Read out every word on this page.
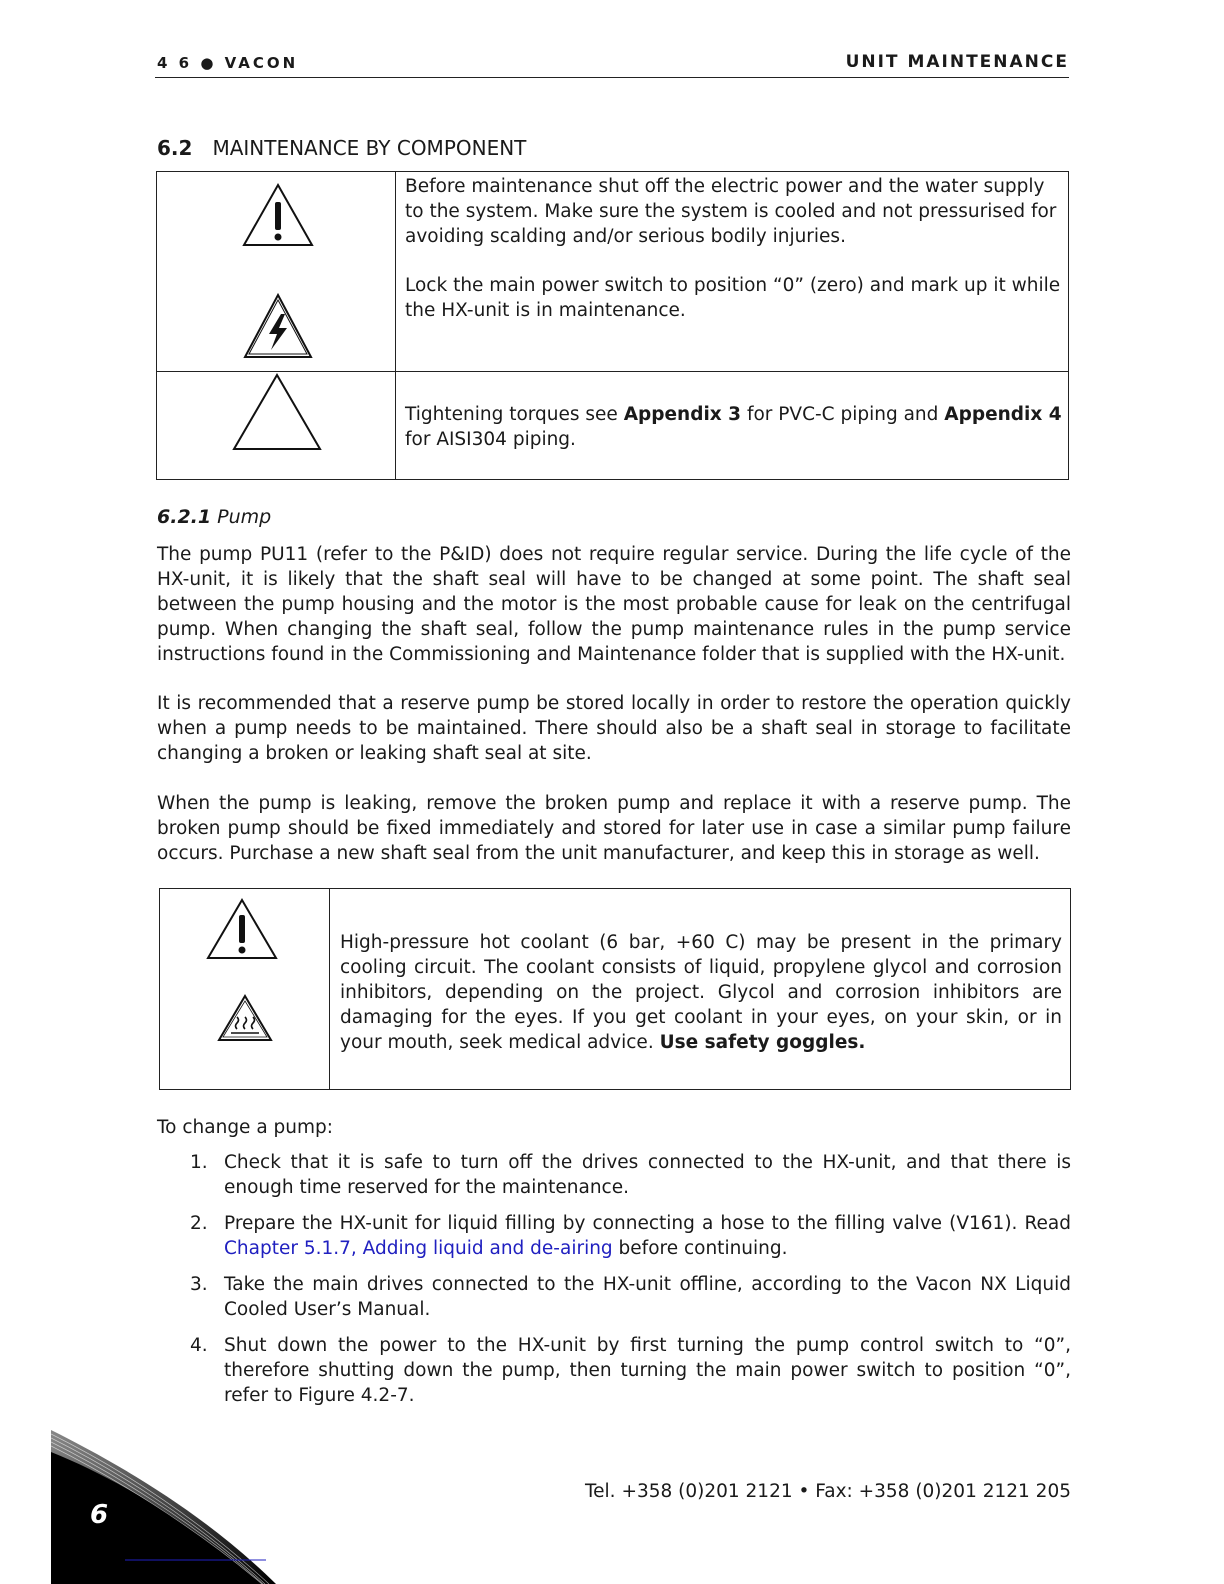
4 6 ● VACON	UNIT MAINTENANCE
6.2 MAINTENANCE BY COMPONENT

Before maintenance shut off the electric power and the water supply to the system. Make sure the system is cooled and not pressurised for avoiding scalding and/or serious bodily injuries.

Lock the main power switch to position “0” (zero) and mark up it while the HX-unit is in maintenance.

Tightening torques see Appendix 3 for PVC-C piping and Appendix 4 for AISI304 piping.

6.2.1 Pump

The pump PU11 (refer to the P&ID) does not require regular service. During the life cycle of the HX-unit, it is likely that the shaft seal will have to be changed at some point. The shaft seal between the pump housing and the motor is the most probable cause for leak on the centrifugal pump. When changing the shaft seal, follow the pump maintenance rules in the pump service instructions found in the Commissioning and Maintenance folder that is supplied with the HX-unit.

It is recommended that a reserve pump be stored locally in order to restore the operation quickly when a pump needs to be maintained. There should also be a shaft seal in storage to facilitate changing a broken or leaking shaft seal at site.

When the pump is leaking, remove the broken pump and replace it with a reserve pump. The broken pump should be fixed immediately and stored for later use in case a similar pump failure occurs. Purchase a new shaft seal from the unit manufacturer, and keep this in storage as well.

High-pressure hot coolant (6 bar, +60 C) may be present in the primary cooling circuit. The coolant consists of liquid, propylene glycol and corrosion inhibitors, depending on the project. Glycol and corrosion inhibitors are damaging for the eyes. If you get coolant in your eyes, on your skin, or in your mouth, seek medical advice. Use safety goggles.

To change a pump:

1. Check that it is safe to turn off the drives connected to the HX-unit, and that there is enough time reserved for the maintenance.
2. Prepare the HX-unit for liquid filling by connecting a hose to the filling valve (V161). Read Chapter 5.1.7, Adding liquid and de-airing before continuing.
3. Take the main drives connected to the HX-unit offline, according to the Vacon NX Liquid Cooled User’s Manual.
4. Shut down the power to the HX-unit by first turning the pump control switch to “0”, therefore shutting down the pump, then turning the main power switch to position “0”, refer to Figure 4.2-7.
Tel. +358 (0)201 2121 • Fax: +358 (0)201 2121 205
6
